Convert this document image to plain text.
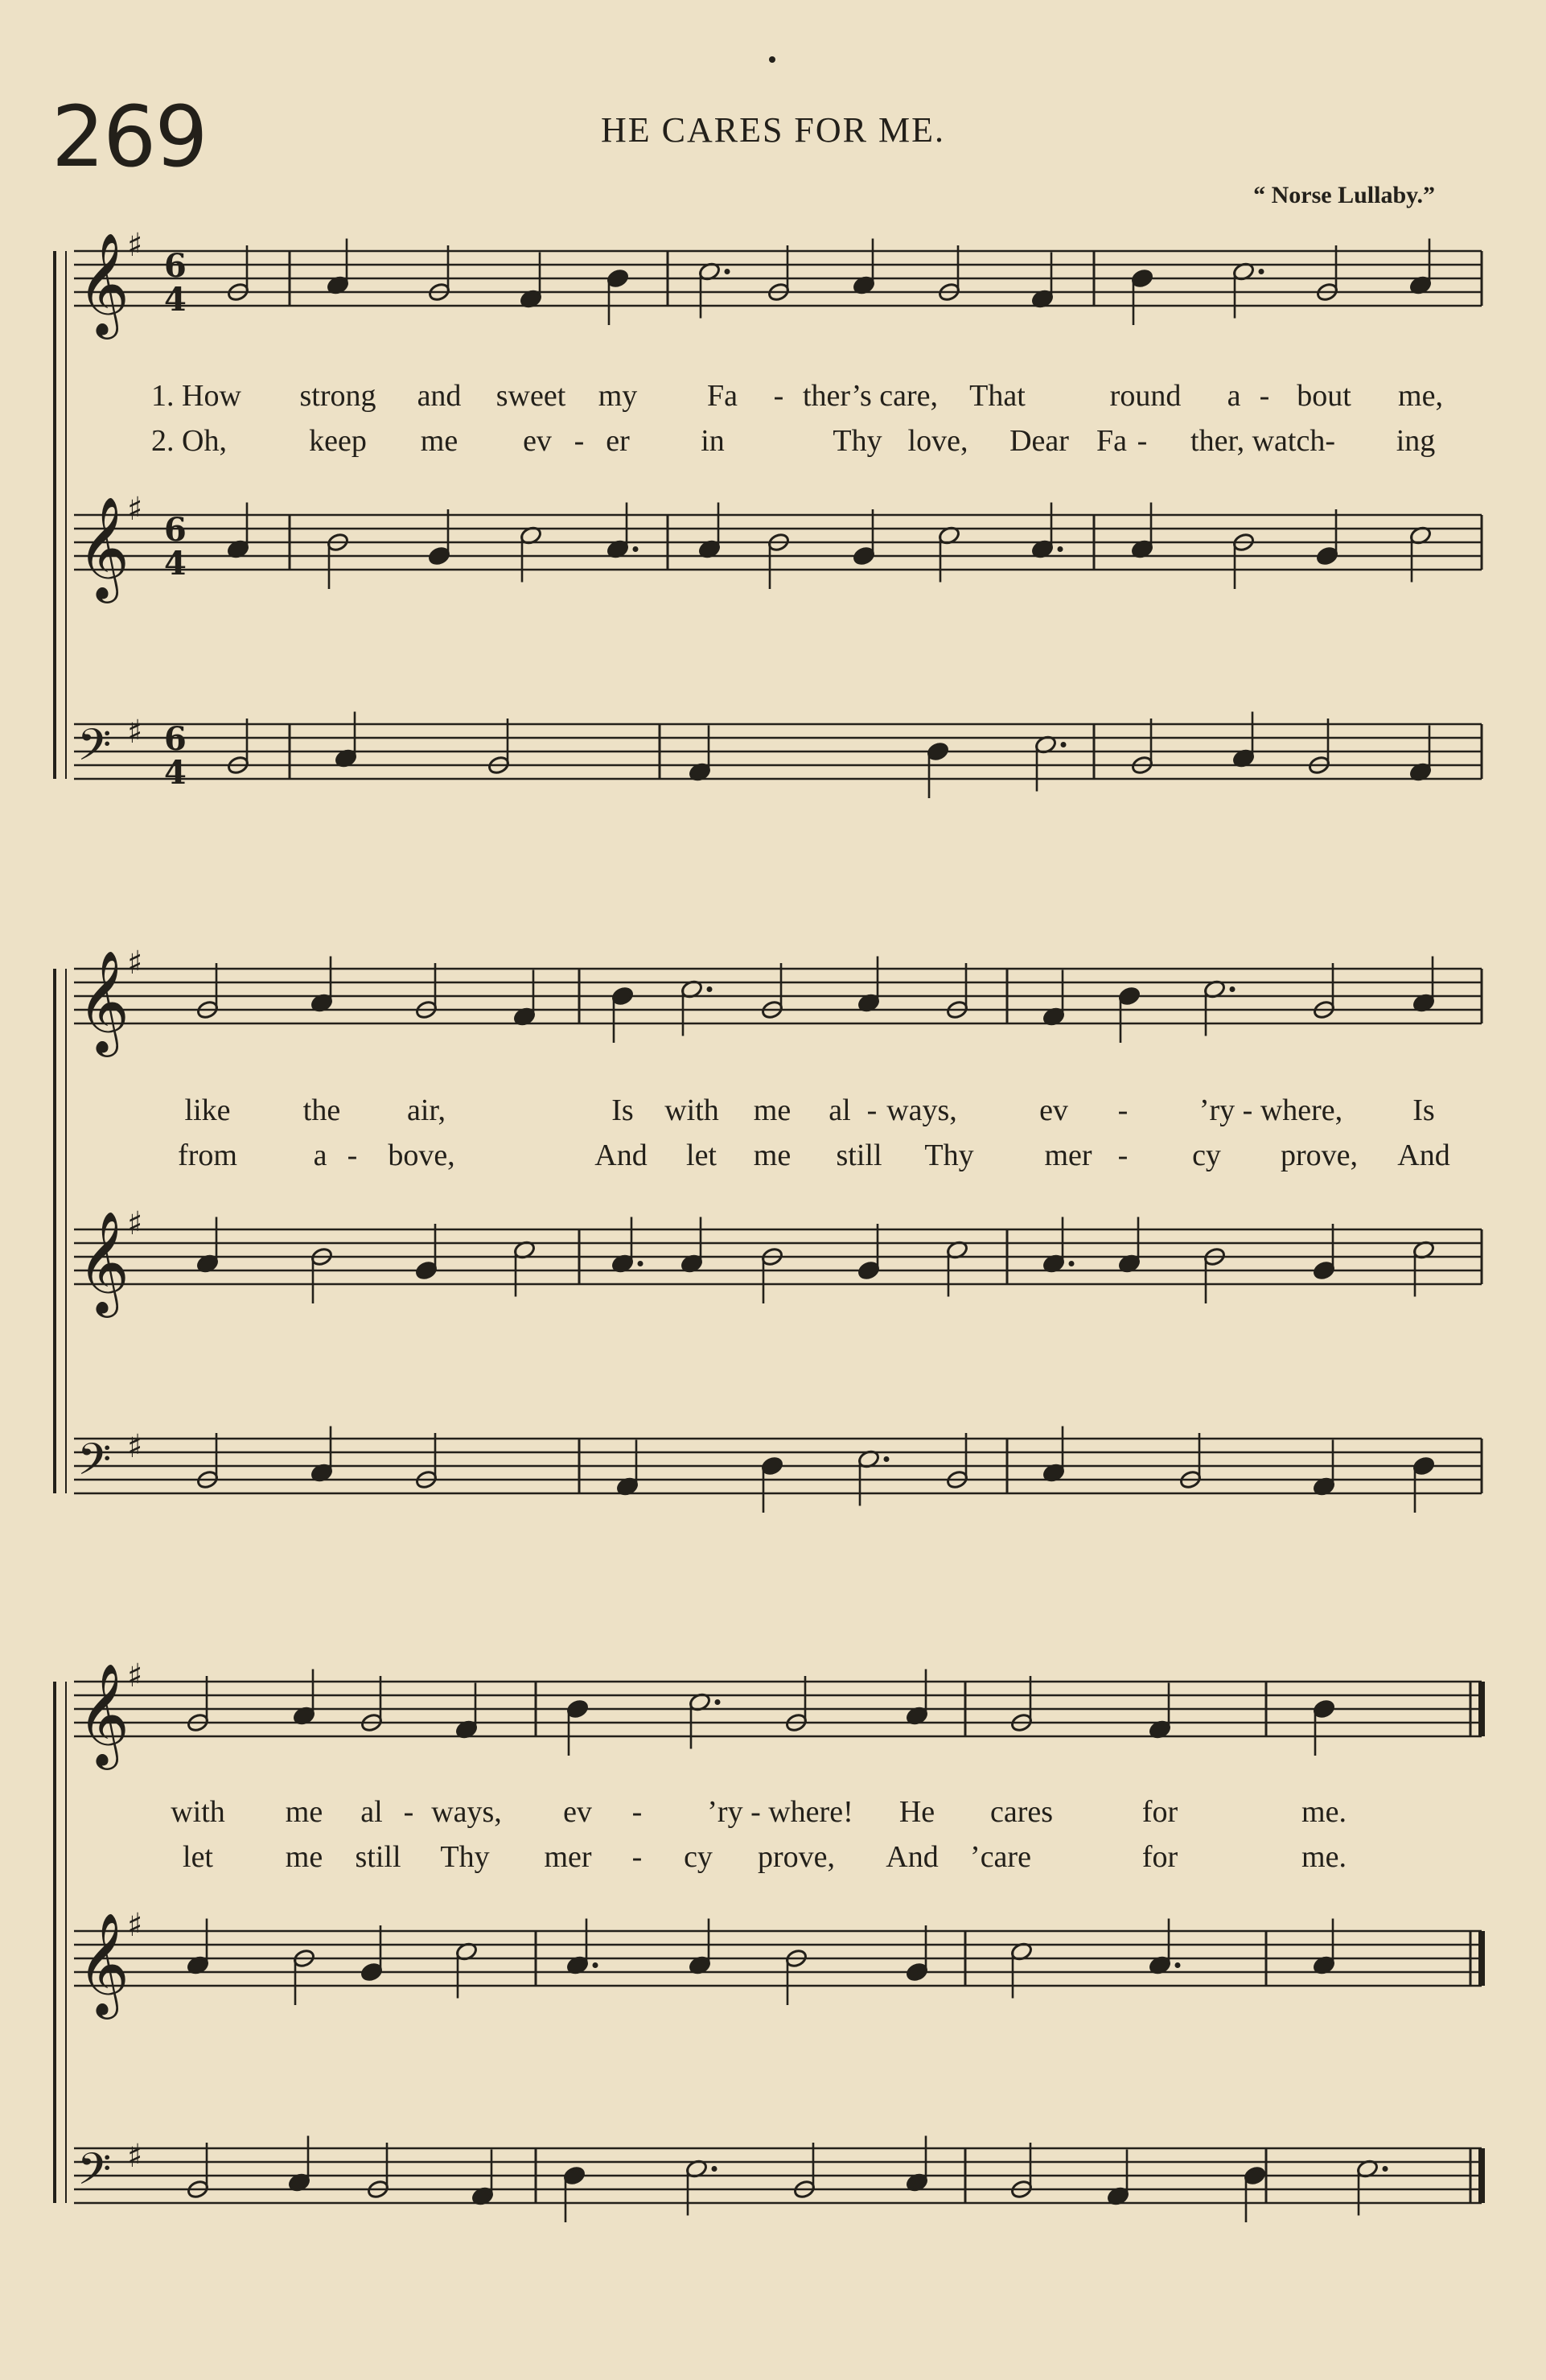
269	HE CARES FOR ME.
“ Norse Lullaby.”
𝄞
♯
6
4
𝄞
♯
6
4
𝄢 ♯ 6
4
𝄞
♯
𝄞
♯
𝄢 ♯
𝄞
♯
𝄞
♯
𝄢 ♯
1. How strong and sweet my Fa - ther’s care, That	round a - bout me,
2. Oh,	keep me ev - er in	Thy love, Dear Fa - ther, watch- ing
like the air,	Is with me al - ways,	ev - ’ry - where, Is
from a - bove,	And let me still Thy mer - cy prove, And
with me al - ways, ev - ’ry - where! He cares	for	me.
let me still Thy mer - cy prove, And ’care	for	me.
